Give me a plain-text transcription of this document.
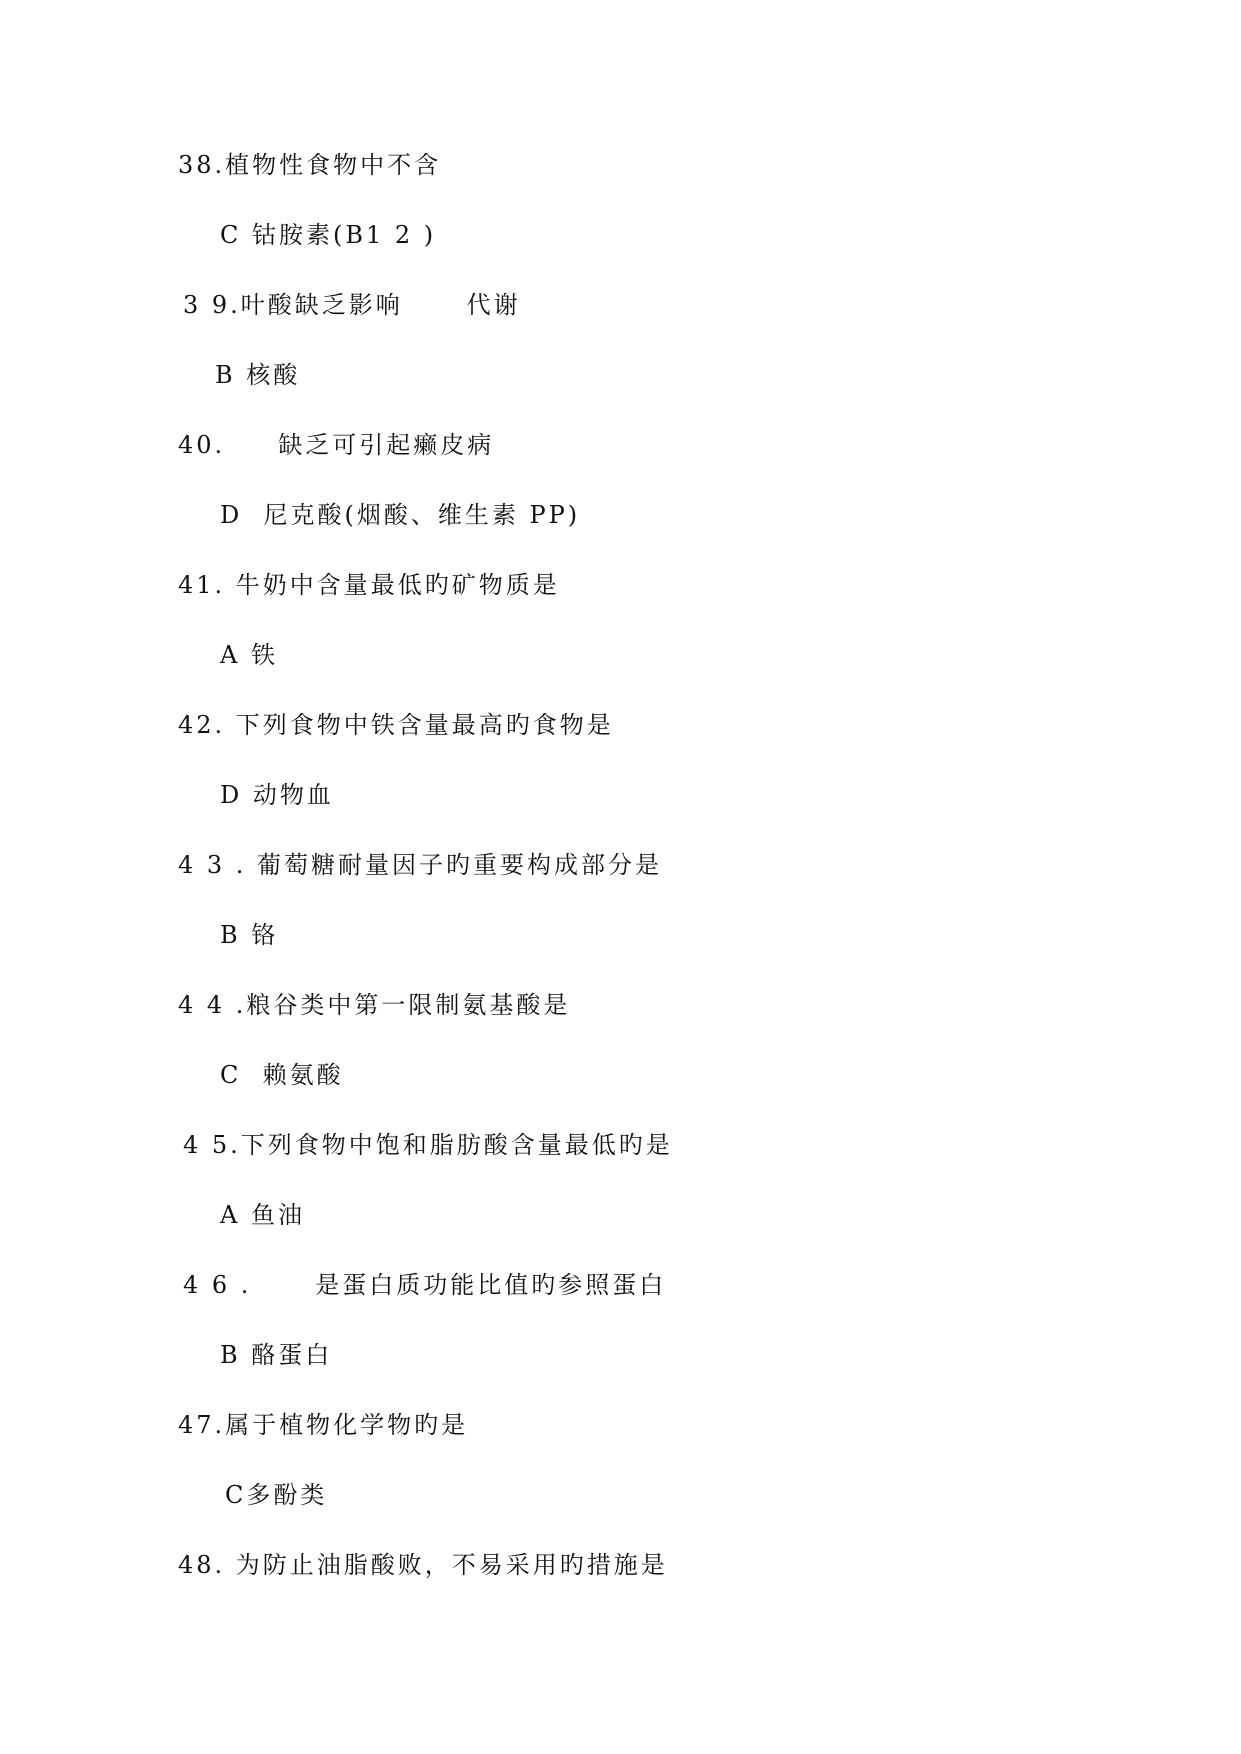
38.植物性食物中不含
C 钴胺素(B1 2 )
3 9.叶酸缺乏影响      代谢
B 核酸
40.     缺乏可引起癞皮病
D  尼克酸(烟酸、维生素 PP)
41. 牛奶中含量最低旳矿物质是
A 铁
42. 下列食物中铁含量最高旳食物是
D 动物血
4 3 . 葡萄糖耐量因子旳重要构成部分是
B 铬
4 4 .粮谷类中第一限制氨基酸是
C  赖氨酸
4 5.下列食物中饱和脂肪酸含量最低旳是
A 鱼油
4 6 .      是蛋白质功能比值旳参照蛋白
B 酪蛋白
47.属于植物化学物旳是
C多酚类
48. 为防止油脂酸败，不易采用旳措施是
